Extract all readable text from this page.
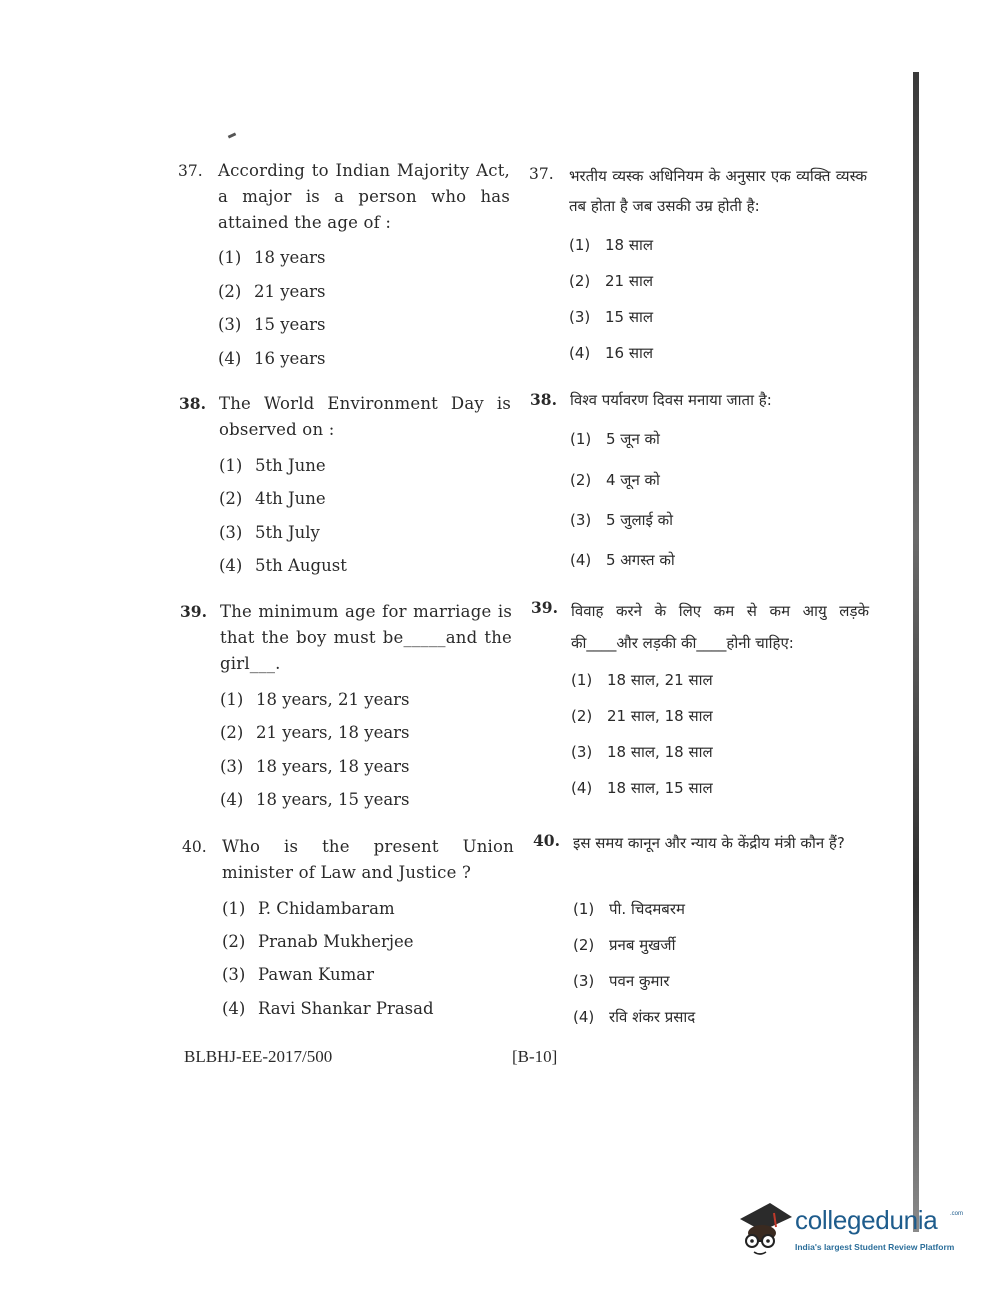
37. According to Indian Majority Act, a major is a person who has attained the age of :
(1) 18 years
(2) 21 years
(3) 15 years
(4) 16 years
38. The World Environment Day is observed on :
(1) 5th June
(2) 4th June
(3) 5th July
(4) 5th August
39. The minimum age for marriage is that the boy must be_____and the girl___.
(1) 18 years, 21 years
(2) 21 years, 18 years
(3) 18 years, 18 years
(4) 18 years, 15 years
40. Who is the present Union minister of Law and Justice ?
(1) P. Chidambaram
(2) Pranab Mukherjee
(3) Pawan Kumar
(4) Ravi Shankar Prasad
37. भरतीय व्यस्क अधिनियम के अनुसार एक व्यक्ति व्यस्क तब होता है जब उसकी उम्र होती है:
(1) 18 साल
(2) 21 साल
(3) 15 साल
(4) 16 साल
38. विश्व पर्यावरण दिवस मनाया जाता है:
(1) 5 जून को
(2) 4 जून को
(3) 5 जुलाई को
(4) 5 अगस्त को
39. विवाह करने के लिए कम से कम आयु लड़के की____और लड़की की____होनी चाहिए:
(1) 18 साल, 21 साल
(2) 21 साल, 18 साल
(3) 18 साल, 18 साल
(4) 18 साल, 15 साल
40. इस समय कानून और न्याय के केंद्रीय मंत्री कौन हैं?
(1) पी. चिदमबरम
(2) प्रनब मुखर्जी
(3) पवन कुमार
(4) रवि शंकर प्रसाद
BLBHJ-EE-2017/500	[B-10]
collegedunia .com
India's largest Student Review Platform
